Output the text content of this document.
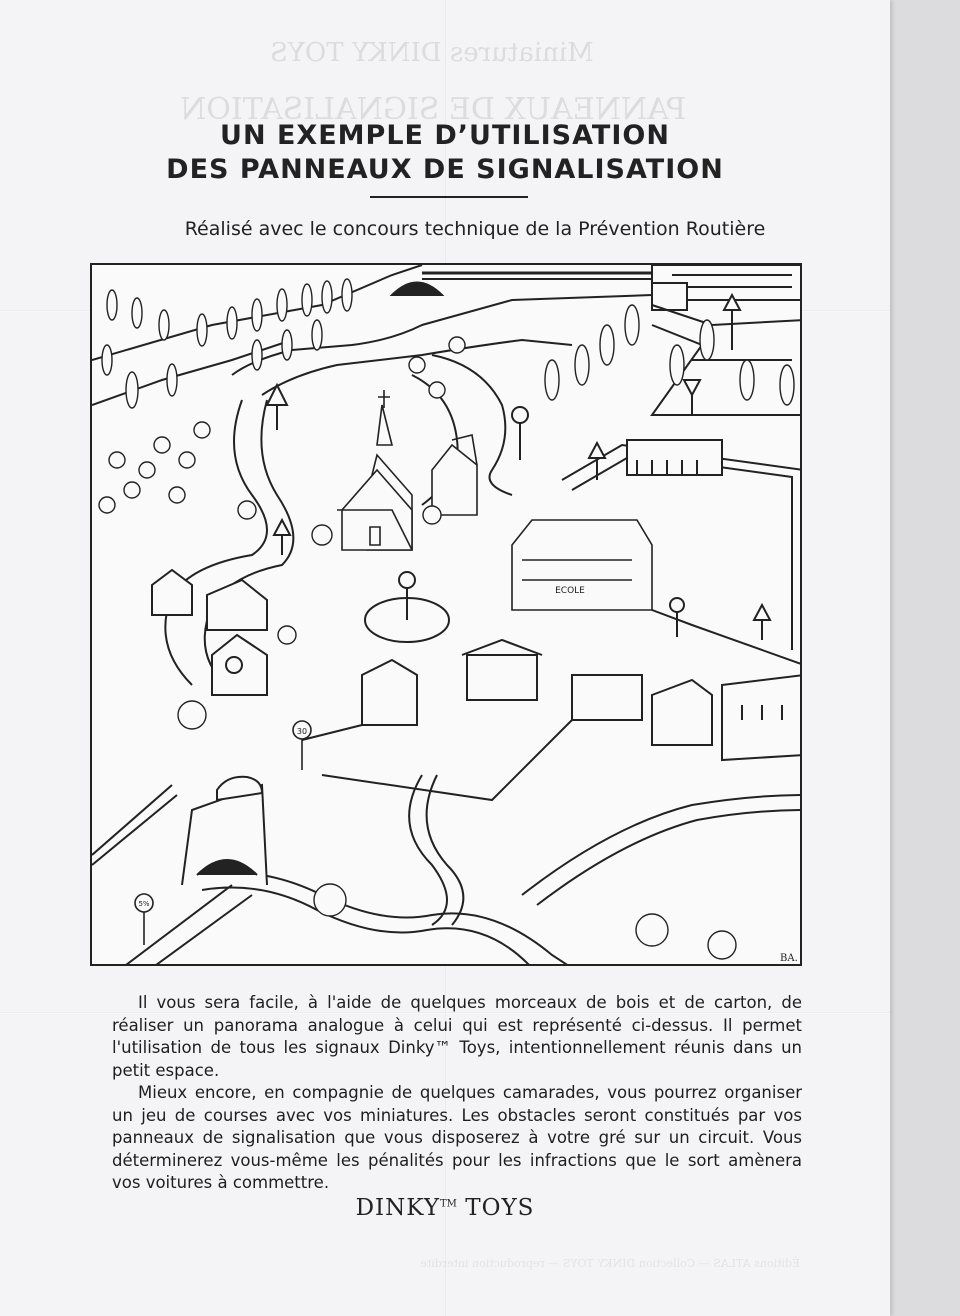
Miniatures DINKY TOYS
PANNEAUX DE SIGNALISATION
UN EXEMPLE D’UTILISATION
DES PANNEAUX DE SIGNALISATION
Réalisé avec le concours technique de la Prévention Routière
ECOLE
30
5%
BA.

Il vous sera facile, à l'aide de quelques morceaux de bois et de carton, de réaliser un panorama analogue à celui qui est représenté ci-dessus. Il permet l'utilisation de tous les signaux Dinky™ Toys, intentionnellement réunis dans un petit espace.

Mieux encore, en compagnie de quelques camarades, vous pourrez organiser un jeu de courses avec vos miniatures. Les obstacles seront constitués par vos panneaux de signalisation que vous disposerez à votre gré sur un circuit. Vous déterminerez vous-même les pénalités pour les infractions que le sort amènera vos voitures à commettre.

DINKY™ TOYS
Éditions ATLAS — Collection DINKY TOYS — reproduction interdite
